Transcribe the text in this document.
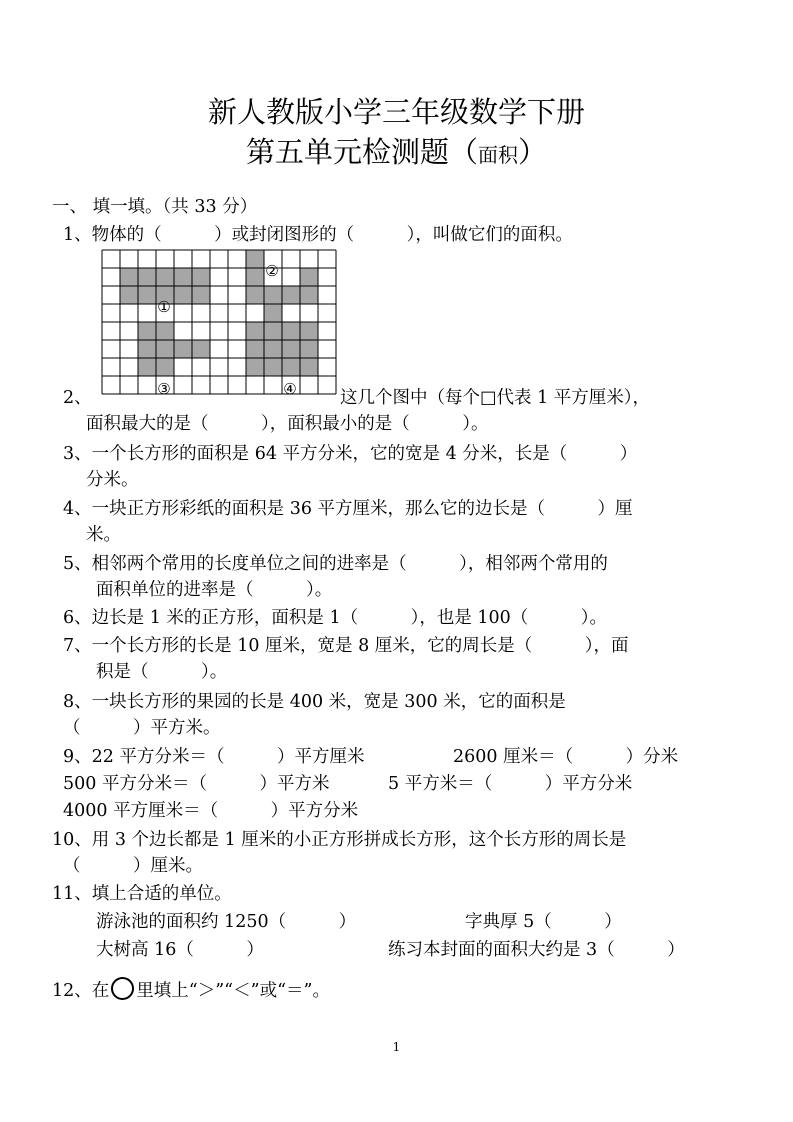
新人教版小学三年级数学下册
第五单元检测题（面积）
一、 填一填。（共 33 分）
1、物体的（　　　）或封闭图形的（　　　），叫做它们的面积。
①
②
③	④
2、	这几个图中（每个□代表 1 平方厘米），
面积最大的是（　　　），面积最小的是（　　　）。
3、一个长方形的面积是 64 平方分米，它的宽是 4 分米，长是（　　　）
分米。
4、一块正方形彩纸的面积是 36 平方厘米，那么它的边长是（　　　）厘
米。
5、相邻两个常用的长度单位之间的进率是（　　　），相邻两个常用的
面积单位的进率是（　　　）。
6、边长是 1 米的正方形，面积是 1（　　　），也是 100（　　　）。
7、一个长方形的长是 10 厘米，宽是 8 厘米，它的周长是（　　　），面
积是（　　　）。
8、一块长方形的果园的长是 400 米，宽是 300 米，它的面积是
（　　　）平方米。
9、22 平方分米＝（　　　）平方厘米	2600 厘米＝（　　　）分米
500 平方分米＝（　　　）平方米	5 平方米＝（　　　）平方分米
4000 平方厘米＝（　　　）平方分米
10、用 3 个边长都是 1 厘米的小正方形拼成长方形，这个长方形的周长是
（　　　）厘米。
11、填上合适的单位。
游泳池的面积约 1250（　　　）	字典厚 5（　　　）
大树高 16（　　　）	练习本封面的面积大约是 3（　　　）
12、在 里填上“＞”“＜”或“＝”。
1
